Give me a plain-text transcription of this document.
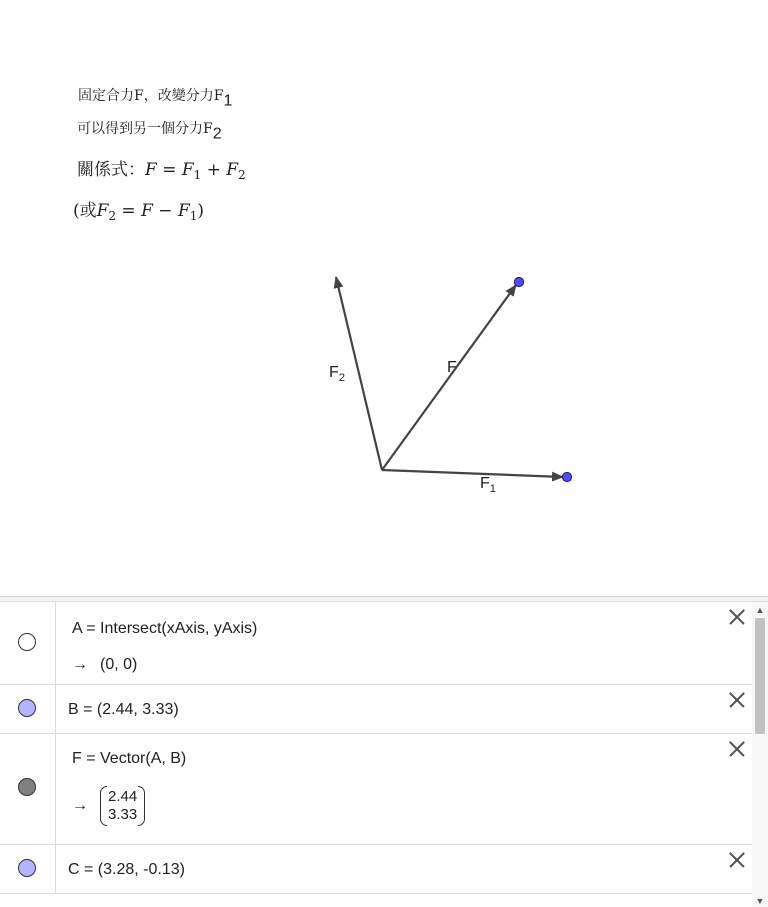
固定合力F，改變分力$F_1$
可以得到另一個分力$F_2$
關係式：$F = F_1 + F_2$
(或$F_2 = F - F_1$)
$F_2$
F
$F_1$
A = Intersect(xAxis, yAxis)
→ (0, 0)
B = (2.44, 3.33)
F = Vector(A, B)
→
2.44
3.33
C = (3.28, -0.13)
▲
▼
